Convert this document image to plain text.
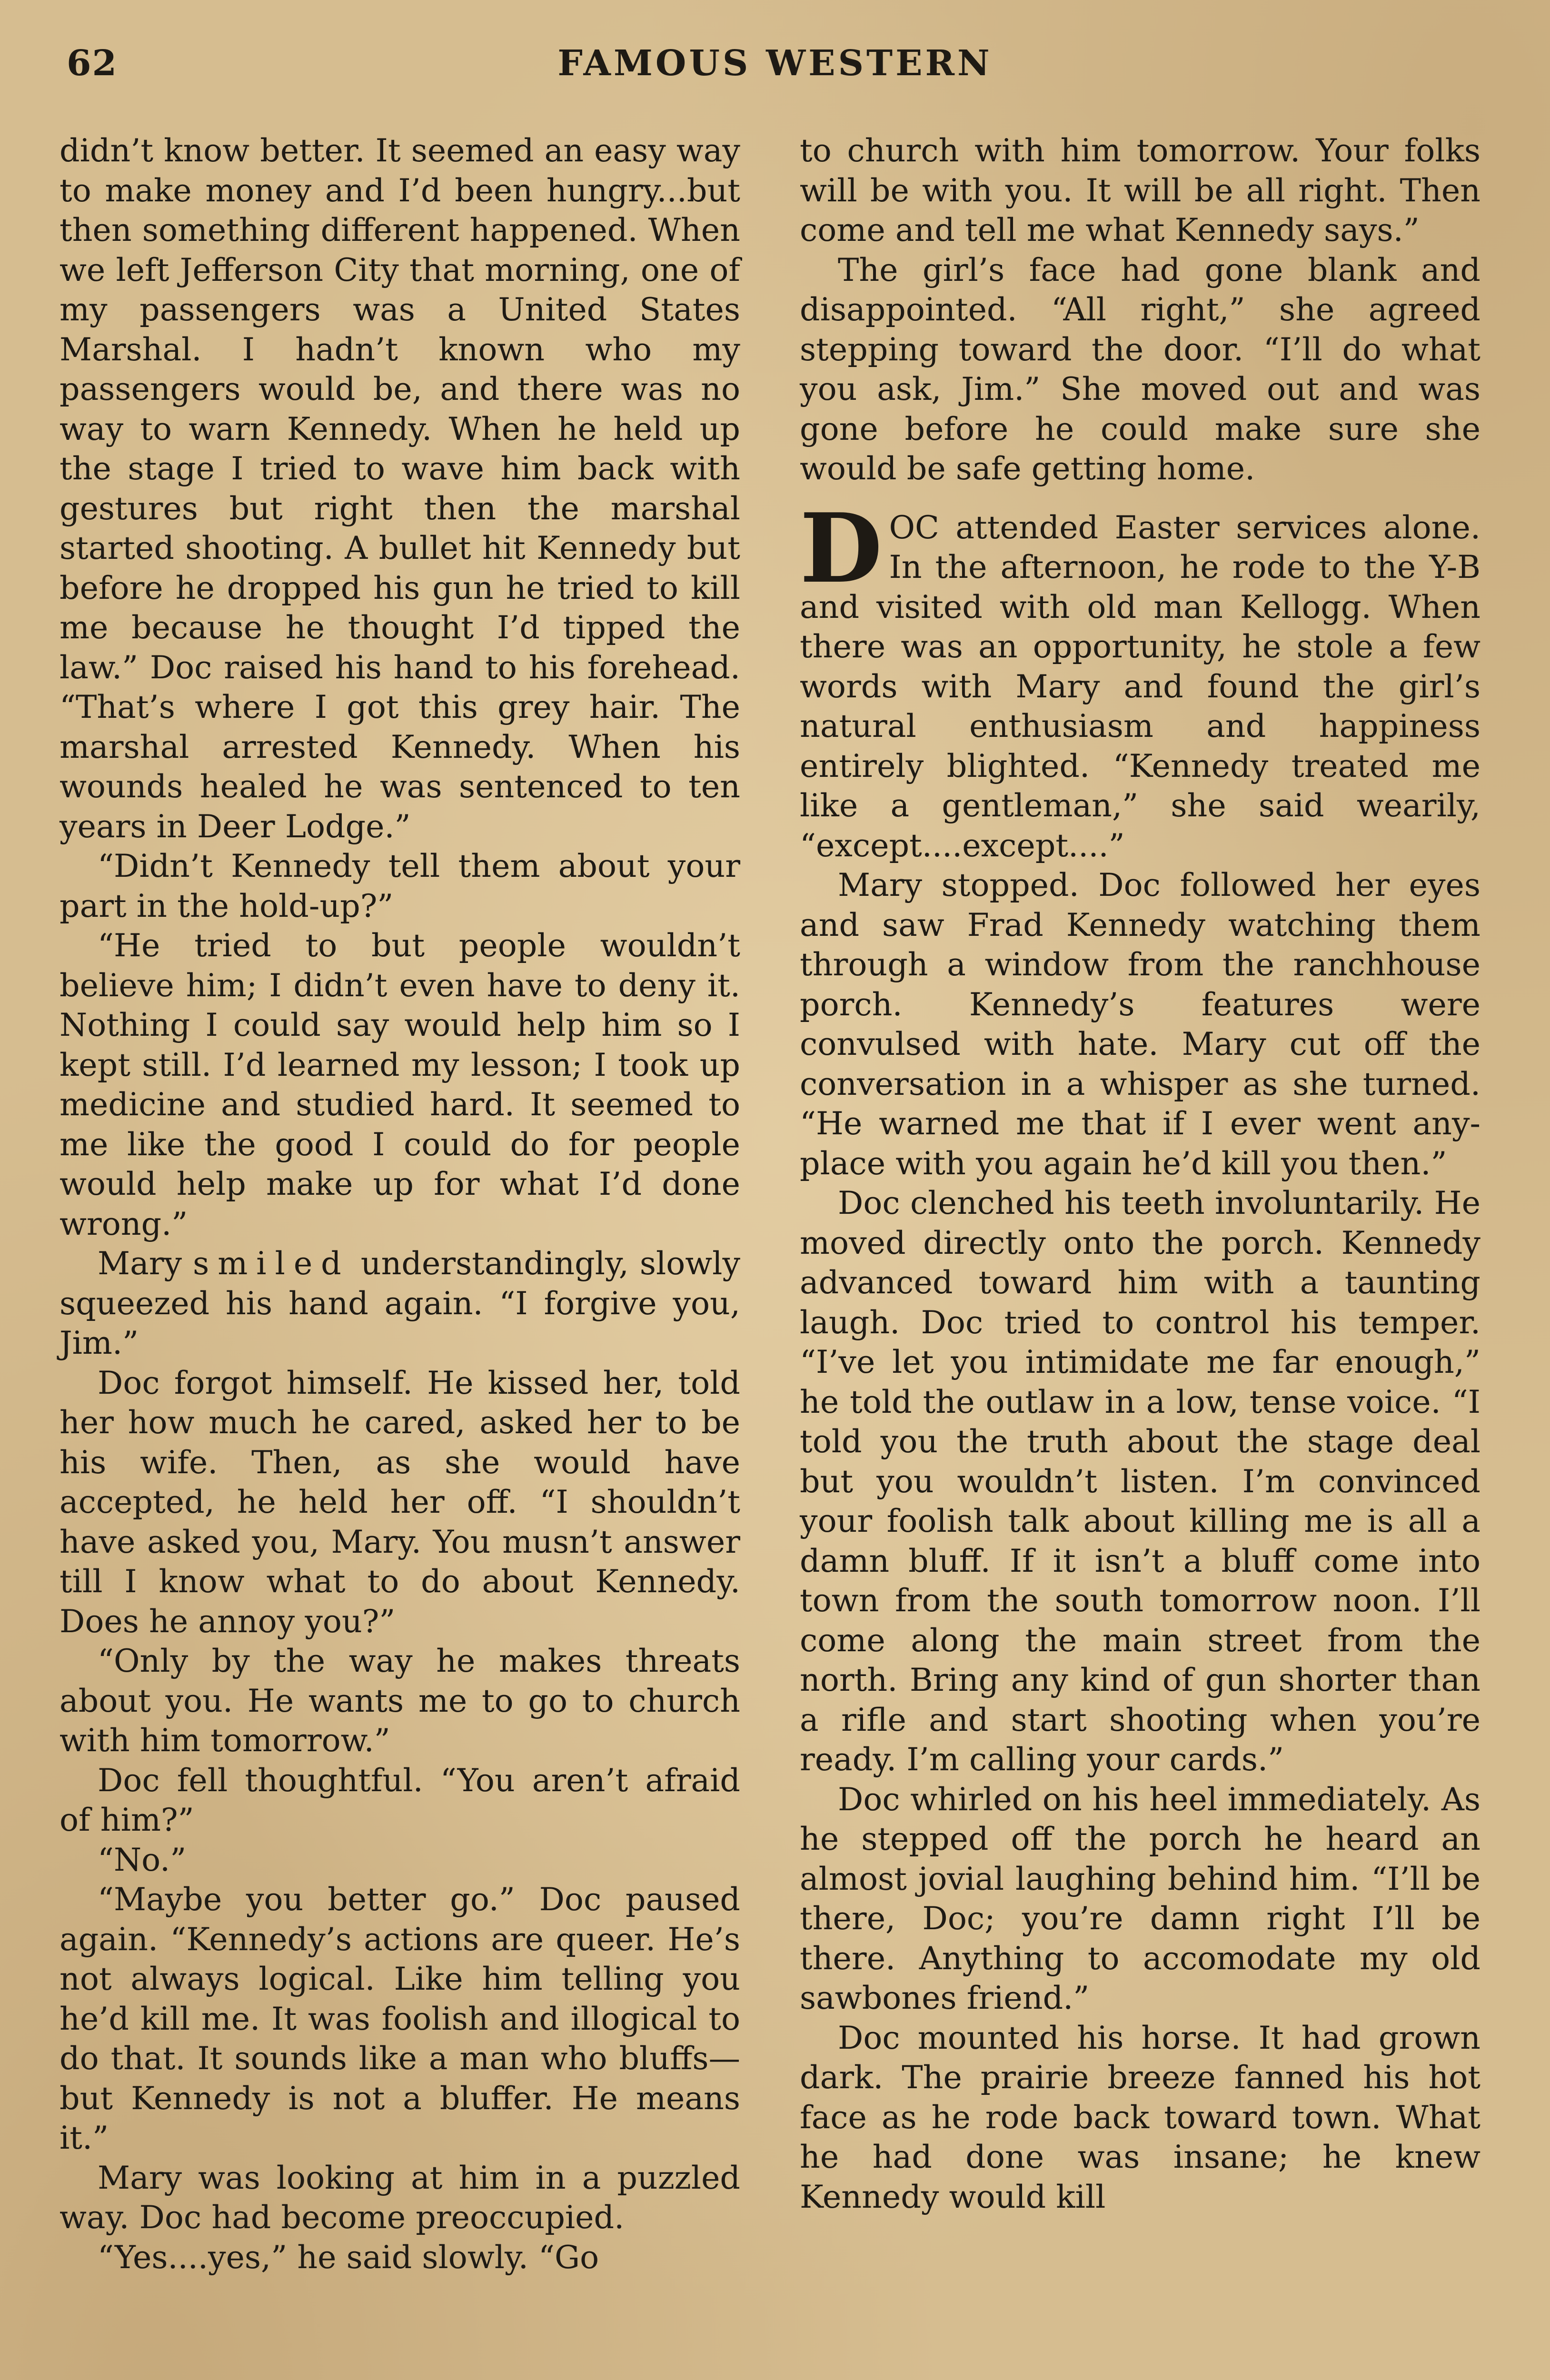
62	FAMOUS WESTERN

didn’t know better. It seemed an easy way to make money and I’d been hungry...but then something different happened. When we left Jefferson City that morning, one of my passengers was a United States Marshal. I hadn’t known who my passengers would be, and there was no way to warn Kennedy. When he held up the stage I tried to wave him back with gestures but right then the marshal started shooting. A bullet hit Kennedy but before he dropped his gun he tried to kill me because he thought I’d tipped the law.” Doc raised his hand to his forehead. “That’s where I got this grey hair. The marshal arrested Kennedy. When his wounds healed he was sentenced to ten years in Deer Lodge.”

“Didn’t Kennedy tell them about your part in the hold-up?”

“He tried to but people wouldn’t believe him; I didn’t even have to deny it. Nothing I could say would help him so I kept still. I’d learned my lesson; I took up medicine and studied hard. It seemed to me like the good I could do for people would help make up for what I’d done wrong.”

Mary smiled understandingly, slowly squeezed his hand again. “I forgive you, Jim.”

Doc forgot himself. He kissed her, told her how much he cared, asked her to be his wife. Then, as she would have accepted, he held her off. “I shouldn’t have asked you, Mary. You musn’t answer till I know what to do about Kennedy. Does he annoy you?”

“Only by the way he makes threats about you. He wants me to go to church with him tomorrow.”

Doc fell thoughtful. “You aren’t afraid of him?”

“No.”

“Maybe you better go.” Doc paused again. “Kennedy’s actions are queer. He’s not always logical. Like him telling you he’d kill me. It was foolish and illogical to do that. It sounds like a man who bluffs—but Kennedy is not a bluffer. He means it.”

Mary was looking at him in a puzzled way. Doc had become preoccupied.

“Yes....yes,” he said slowly. “Go

to church with him tomorrow. Your folks will be with you. It will be all right. Then come and tell me what Kennedy says.”

The girl’s face had gone blank and disappointed. “All right,” she agreed stepping toward the door. “I’ll do what you ask, Jim.” She moved out and was gone before he could make sure she would be safe getting home.

DOC attended Easter services alone. In the afternoon, he rode to the Y-B and visited with old man Kellogg. When there was an opportunity, he stole a few words with Mary and found the girl’s natural enthusiasm and happiness entirely blighted. “Kennedy treated me like a gentleman,” she said wearily, “except....except....”

Mary stopped. Doc followed her eyes and saw Frad Kennedy watching them through a window from the ranchhouse porch. Kennedy’s features were convulsed with hate. Mary cut off the conversation in a whisper as she turned. “He warned me that if I ever went any-place with you again he’d kill you then.”

Doc clenched his teeth involuntarily. He moved directly onto the porch. Kennedy advanced toward him with a taunting laugh. Doc tried to control his temper. “I’ve let you intimidate me far enough,” he told the outlaw in a low, tense voice. “I told you the truth about the stage deal but you wouldn’t listen. I’m convinced your foolish talk about killing me is all a damn bluff. If it isn’t a bluff come into town from the south tomorrow noon. I’ll come along the main street from the north. Bring any kind of gun shorter than a rifle and start shooting when you’re ready. I’m calling your cards.”

Doc whirled on his heel immediately. As he stepped off the porch he heard an almost jovial laughing behind him. “I’ll be there, Doc; you’re damn right I’ll be there. Anything to accomodate my old sawbones friend.”

Doc mounted his horse. It had grown dark. The prairie breeze fanned his hot face as he rode back toward town. What he had done was insane; he knew Kennedy would kill
